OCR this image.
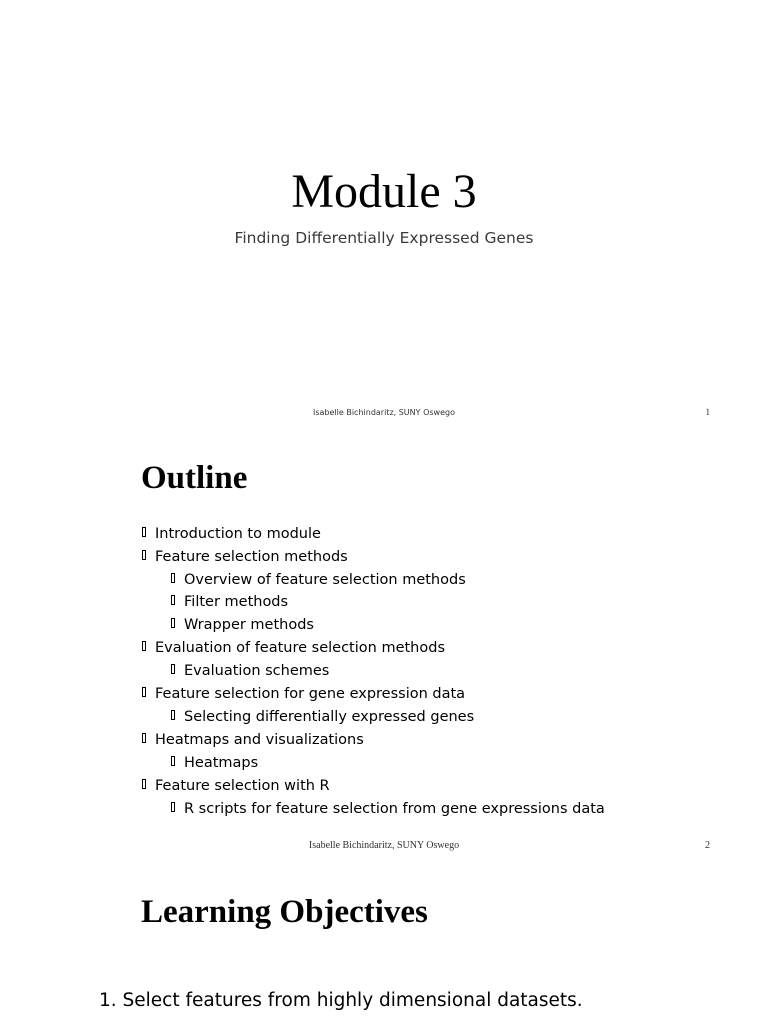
Module 3
Finding Differentially Expressed Genes
Isabelle Bichindaritz, SUNY Oswego	1
Outline
Introduction to module
Feature selection methods
Overview of feature selection methods
Filter methods
Wrapper methods
Evaluation of feature selection methods
Evaluation schemes
Feature selection for gene expression data
Selecting differentially expressed genes
Heatmaps and visualizations
Heatmaps
Feature selection with R
R scripts for feature selection from gene expressions data
Isabelle Bichindaritz, SUNY Oswego	2
Learning Objectives
1. Select features from highly dimensional datasets.
